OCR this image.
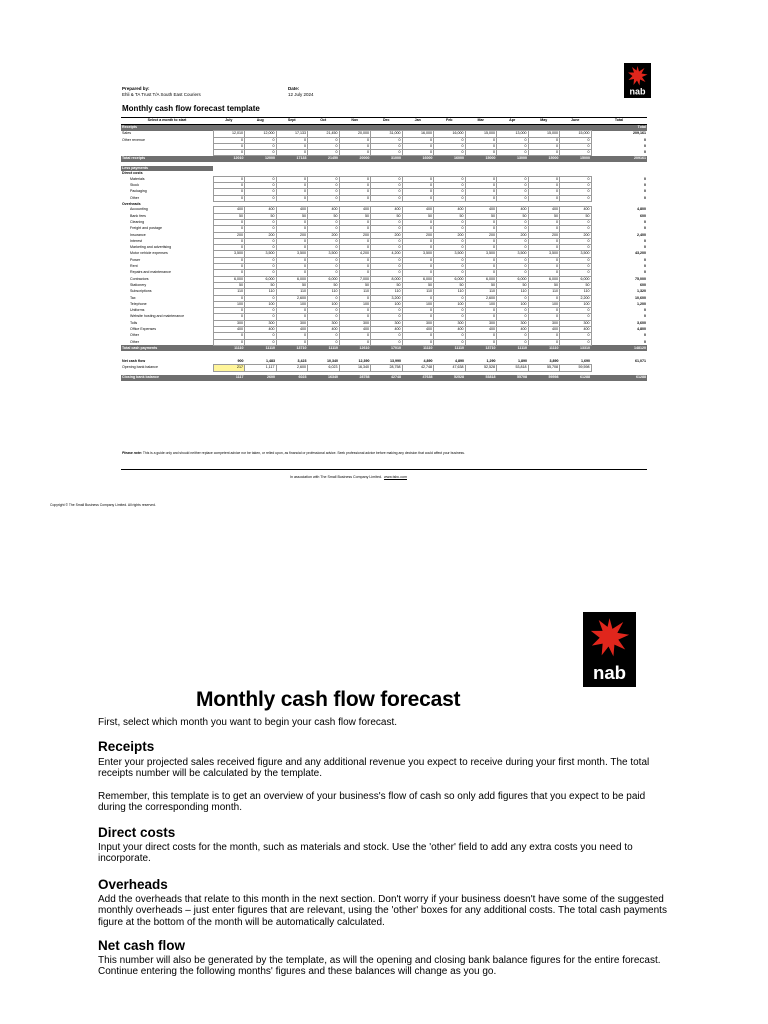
Prepared by:
Ehli & TA Trust T/A South East Couriers
Date:
12 July 2024	nab
Monthly cash flow forecast template
Select a month to start	July	Aug	Sept	Oct	Nov	Dec	Jan	Feb	Mar	Apr	May	June	Total
Receipts													Total
Sales	12,010	12,000	17,133	21,450	20,000	31,000	16,000	16,000	15,000	13,000	15,000	15,000	209,161
Other revenue	0	0	0	0	0	0	0	0	0	0	0	0	0
	0	0	0	0	0	0	0	0	0	0	0	0	0
	0	0	0	0	0	0	0	0	0	0	0	0	0
Total receipts	12010	12000	17133	21450	20000	31000	16000	16000	15000	13000	15000	15000	209161

Less payments													
Direct costs													
Materials	0	0	0	0	0	0	0	0	0	0	0	0	0
Stock	0	0	0	0	0	0	0	0	0	0	0	0	0
Packaging	0	0	0	0	0	0	0	0	0	0	0	0	0
Other	0	0	0	0	0	0	0	0	0	0	0	0	0
Overheads													
Accounting	400	400	400	400	400	400	400	400	400	400	400	400	4,800
Bank fees	50	50	50	50	50	50	50	50	50	50	50	50	600
Cleaning	0	0	0	0	0	0	0	0	0	0	0	0	0
Freight and postage	0	0	0	0	0	0	0	0	0	0	0	0	0
Insurance	200	200	200	200	200	200	200	200	200	200	200	200	2,400
Interest	0	0	0	0	0	0	0	0	0	0	0	0	0
Marketing and advertising	0	0	0	0	0	0	0	0	0	0	0	0	0
Motor vehicle expenses	3,500	3,500	3,500	3,500	4,200	4,200	3,500	3,500	3,500	3,500	3,500	3,500	43,200
Power	0	0	0	0	0	0	0	0	0	0	0	0	0
Rent	0	0	0	0	0	0	0	0	0	0	0	0	0
Repairs and maintenance	0	0	0	0	0	0	0	0	0	0	0	0	0
Contractors	6,000	6,000	6,000	6,000	7,000	8,000	6,000	6,000	6,000	6,000	6,000	6,000	75,000
Stationery	50	50	50	50	50	50	50	50	50	50	50	50	600
Subscriptions	110	110	110	110	110	110	110	110	110	110	110	110	1,320
Tax	0	0	2,600	0	0	3,200	0	0	2,600	0	0	2,200	10,600
Telephone	100	100	100	100	100	100	100	100	100	100	100	100	1,200
Uniforms	0	0	0	0	0	0	0	0	0	0	0	0	0
Website hosting and maintenance	0	0	0	0	0	0	0	0	0	0	0	0	0
Tolls	300	300	300	300	300	300	300	300	300	300	300	300	3,600
Office Expenses	400	400	400	400	400	400	400	400	400	400	400	400	4,800
Other	0	0	0	0	0	0	0	0	0	0	0	0	0
Other	0	0	0	0	0	0	0	0	0	0	0	0	0
Total cash payments	11110	11110	13710	11110	12610	17010	11110	11110	13710	11110	11110	13310	148120

Net cash flow	900	1,483	3,423	10,340	12,390	13,990	4,890	4,890	1,290	1,890	3,890	1,690	61,071
Opening bank balance	217	1,117	2,600	6,023	16,340	28,758	42,748	47,638	52,528	53,818	55,708	59,598	

Closing bank balance	1117	2600	6023	16340	28758	42748	47638	52528	53818	55708	59598	61288	61288
Please note: This is a guide only and should neither replace competent advice nor be taken, or relied upon, as financial or professional advice. Seek professional advice before making any decision that could affect your business.
In association with The Small Business Company Limited. www.tsbc.com
Copyright © The Small Business Company Limited. All rights reserved.
nab
Monthly cash flow forecast

First, select which month you want to begin your cash flow forecast.

Receipts

Enter your projected sales received figure and any additional revenue you expect to receive during your first month. The total receipts number will be calculated by the template.

Remember, this template is to get an overview of your business's flow of cash so only add figures that you expect to be paid during the corresponding month.

Direct costs

Input your direct costs for the month, such as materials and stock. Use the 'other' field to add any extra costs you need to incorporate.

Overheads

Add the overheads that relate to this month in the next section. Don't worry if your business doesn't have some of the suggested monthly overheads – just enter figures that are relevant, using the 'other' boxes for any additional costs. The total cash payments figure at the bottom of the month will be automatically calculated.

Net cash flow

This number will also be generated by the template, as will the opening and closing bank balance figures for the entire forecast. Continue entering the following months' figures and these balances will change as you go.
